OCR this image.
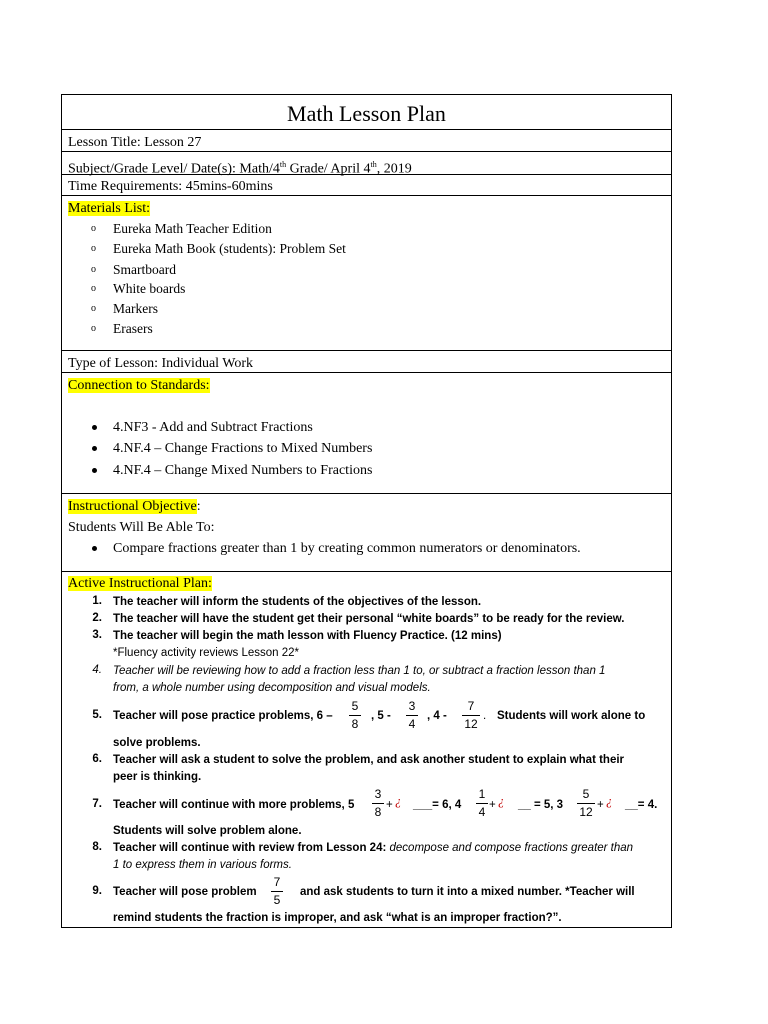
Math Lesson Plan
Lesson Title: Lesson 27
Subject/Grade Level/ Date(s): Math/4th Grade/ April 4th, 2019
Time Requirements: 45mins-60mins
Materials List:
o Eureka Math Teacher Edition
o Eureka Math Book (students): Problem Set
o Smartboard
o White boards
o Markers
o Erasers
Type of Lesson: Individual Work
Connection to Standards:
4.NF3 - Add and Subtract Fractions
4.NF.4 – Change Fractions to Mixed Numbers
4.NF.4 – Change Mixed Numbers to Fractions
Instructional Objective:
Students Will Be Able To:
Compare fractions greater than 1 by creating common numerators or denominators.
Active Instructional Plan:
1. The teacher will inform the students of the objectives of the lesson.
2. The teacher will have the student get their personal “white boards” to be ready for the review.
3. The teacher will begin the math lesson with Fluency Practice. (12 mins)
*Fluency activity reviews Lesson 22*
4. Teacher will be reviewing how to add a fraction less than 1 to, or subtract a fraction lesson than 1
from, a whole number using decomposition and visual models.
5. Teacher will pose practice problems, 6 –
5
8
, 5 -
3
4
, 4 -
7
12
. Students will work alone to
solve problems.
6. Teacher will ask a student to solve the problem, and ask another student to explain what their
peer is thinking.
7. Teacher will continue with more problems, 5
3
8 + ¿ ___= 6, 4
1
4 + ¿ __ = 5, 3
5
12 + ¿ __= 4.
Students will solve problem alone.
8. Teacher will continue with review from Lesson 24: decompose and compose fractions greater than
1 to express them in various forms.
9. Teacher will pose problem
7
5
and ask students to turn it into a mixed number. *Teacher will
remind students the fraction is improper, and ask “what is an improper fraction?”.
